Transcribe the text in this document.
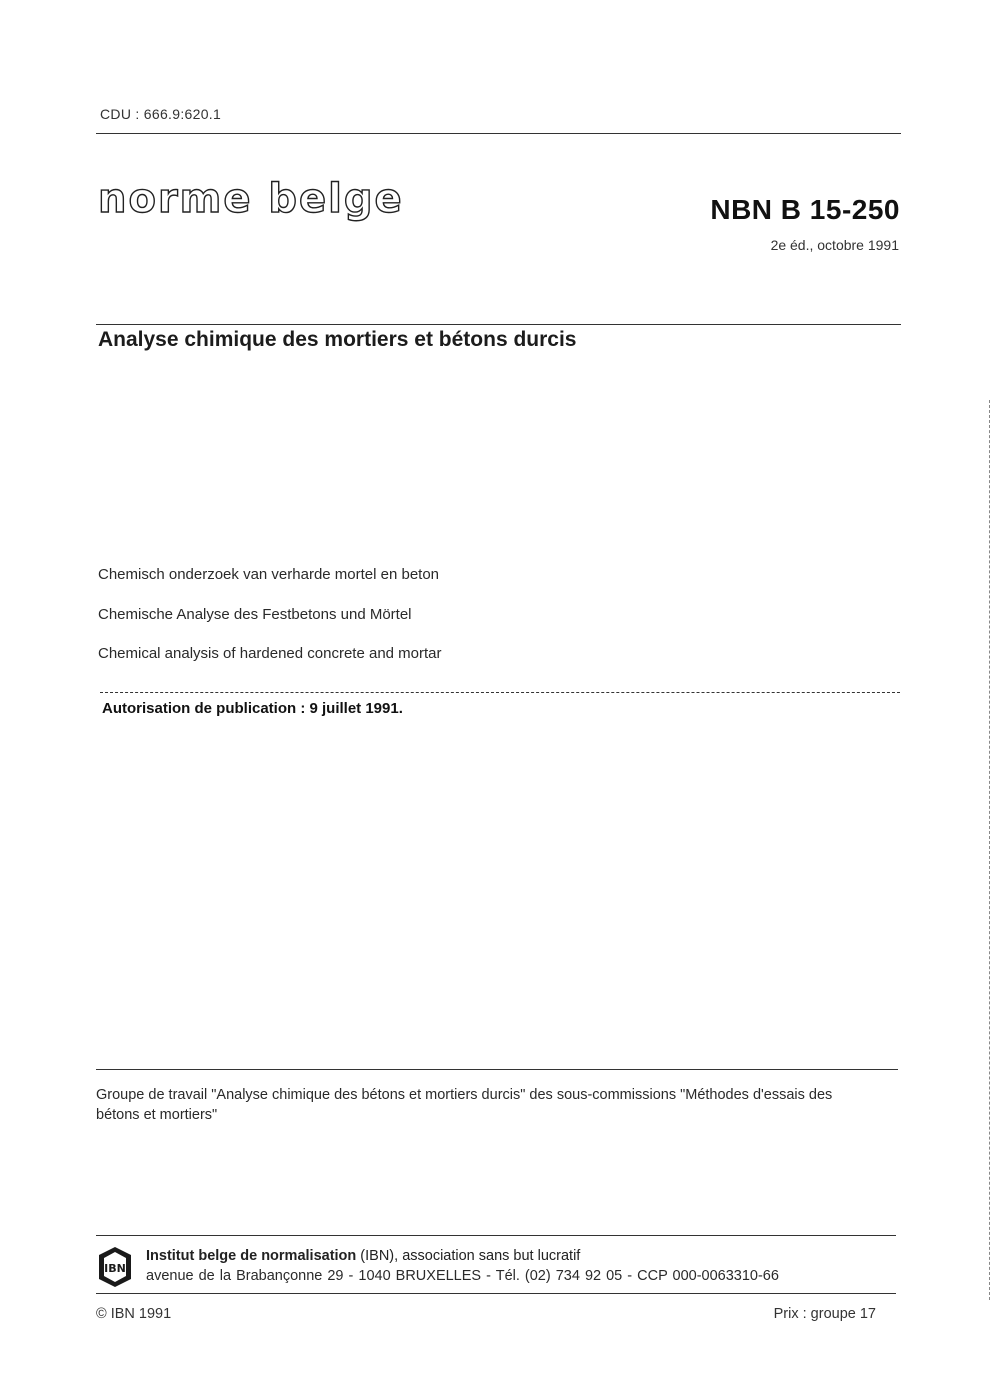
CDU : 666.9:620.1
norme belge	NBN B 15-250
2e éd., octobre 1991
Analyse chimique des mortiers et bétons durcis
Chemisch onderzoek van verharde mortel en beton
Chemische Analyse des Festbetons und Mörtel
Chemical analysis of hardened concrete and mortar
Autorisation de publication : 9 juillet 1991.
Groupe de travail "Analyse chimique des bétons et mortiers durcis" des sous-commissions "Méthodes d'essais des bétons et mortiers"
IBN
Institut belge de normalisation (IBN), association sans but lucratif
avenue de la Brabançonne 29 - 1040 BRUXELLES - Tél. (02) 734 92 05 - CCP 000-0063310-66
© IBN 1991	Prix : groupe 17
